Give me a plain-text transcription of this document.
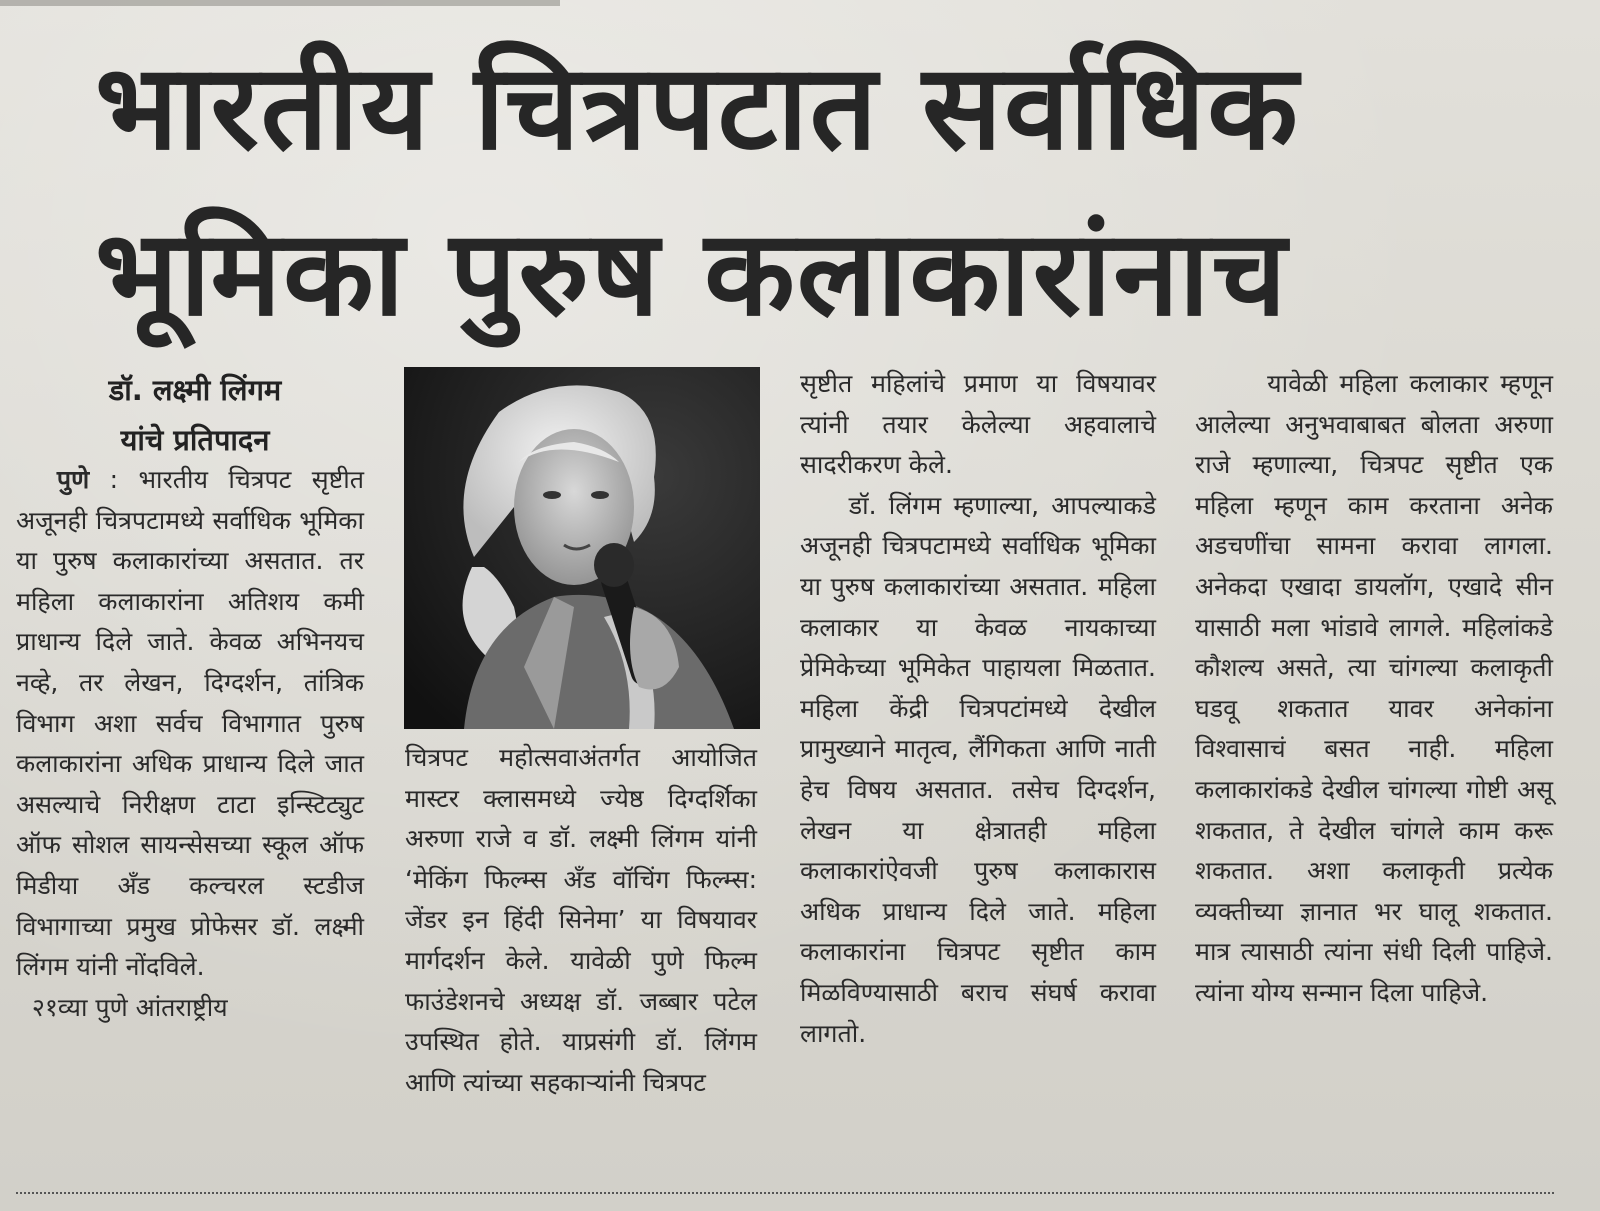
भारतीय चित्रपटात सर्वाधिक
भूमिका पुरुष कलाकारांनाच
डॉ. लक्ष्मी लिंगम
यांचे प्रतिपादन

पुणे : भारतीय चित्रपट सृष्टीत अजूनही चित्रपटामध्ये सर्वाधिक भूमिका या पुरुष कलाकारांच्या असतात. तर महिला कलाकारांना अतिशय कमी प्राधान्य दिले जाते. केवळ अभिनयच नव्हे, तर लेखन, दिग्दर्शन, तांत्रिक विभाग अशा सर्वच विभागात पुरुष कलाकारांना अधिक प्राधान्य दिले जात असल्याचे निरीक्षण टाटा इन्स्टिट्युट ऑफ सोशल सायन्सेसच्या स्कूल ऑफ मिडीया अँड कल्चरल स्टडीज विभागाच्या प्रमुख प्रोफेसर डॉ. लक्ष्मी लिंगम यांनी नोंदविले.

२१व्या पुणे आंतराष्ट्रीय

चित्रपट महोत्सवाअंतर्गत आयोजित मास्टर क्लासमध्ये ज्येष्ठ दिग्दर्शिका अरुणा राजे व डॉ. लक्ष्मी लिंगम यांनी ‘मेकिंग फिल्म्स अँड वॉचिंग फिल्म्स: जेंडर इन हिंदी सिनेमा’ या विषयावर मार्गदर्शन केले. यावेळी पुणे फिल्म फाउंडेशनचे अध्यक्ष डॉ. जब्बार पटेल उपस्थित होते. याप्रसंगी डॉ. लिंगम आणि त्यांच्या सहकाऱ्यांनी चित्रपट

सृष्टीत महिलांचे प्रमाण या विषयावर त्यांनी तयार केलेल्या अहवालाचे सादरीकरण केले.

डॉ. लिंगम म्हणाल्या, आपल्याकडे अजूनही चित्रपटामध्ये सर्वाधिक भूमिका या पुरुष कलाकारांच्या असतात. महिला कलाकार या केवळ नायकाच्या प्रेमिकेच्या भूमिकेत पाहायला मिळतात. महिला केंद्री चित्रपटांमध्ये देखील प्रामुख्याने मातृत्व, लैंगिकता आणि नाती हेच विषय असतात. तसेच दिग्दर्शन, लेखन या क्षेत्रातही महिला कलाकारांऐवजी पुरुष कलाकारास अधिक प्राधान्य दिले जाते. महिला कलाकारांना चित्रपट सृष्टीत काम मिळविण्यासाठी बराच संघर्ष करावा लागतो.

यावेळी महिला कलाकार म्हणून आलेल्या अनुभवाबाबत बोलता अरुणा राजे म्हणाल्या, चित्रपट सृष्टीत एक महिला म्हणून काम करताना अनेक अडचणींचा सामना करावा लागला. अनेकदा एखादा डायलॉग, एखादे सीन यासाठी मला भांडावे लागले. महिलांकडे कौशल्य असते, त्या चांगल्या कलाकृती घडवू शकतात यावर अनेकांना विश्वासाचं बसत नाही. महिला कलाकारांकडे देखील चांगल्या गोष्टी असू शकतात, ते देखील चांगले काम करू शकतात. अशा कलाकृती प्रत्येक व्यक्तीच्या ज्ञानात भर घालू शकतात. मात्र त्यासाठी त्यांना संधी दिली पाहिजे. त्यांना योग्य सन्मान दिला पाहिजे.
